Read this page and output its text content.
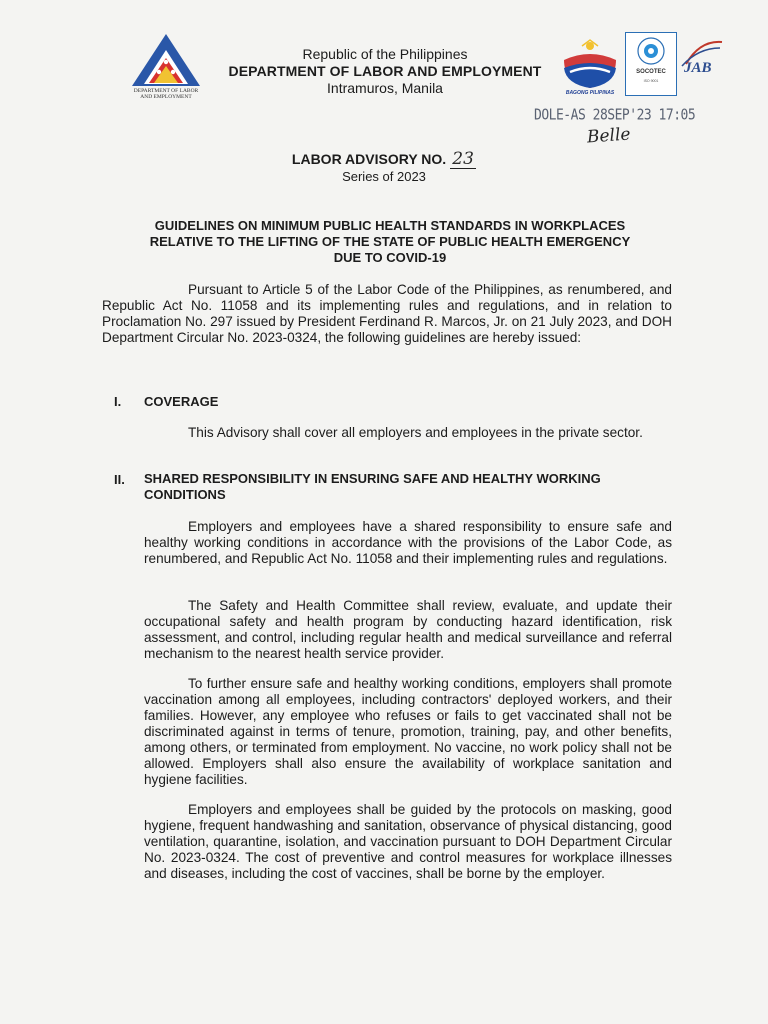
DEPARTMENT OF LABOR AND EMPLOYMENT
Republic of the Philippines
DEPARTMENT OF LABOR AND EMPLOYMENT
Intramuros, Manila	BAGONG PILIPINAS
SOCOTEC
ISO 9001
JAB
DOLE-AS 28SEP'23 17:05
Belle
LABOR ADVISORY NO. 23
Series of 2023
GUIDELINES ON MINIMUM PUBLIC HEALTH STANDARDS IN WORKPLACES
RELATIVE TO THE LIFTING OF THE STATE OF PUBLIC HEALTH EMERGENCY
DUE TO COVID-19
Pursuant to Article 5 of the Labor Code of the Philippines, as renumbered, and Republic Act No. 11058 and its implementing rules and regulations, and in relation to Proclamation No. 297 issued by President Ferdinand R. Marcos, Jr. on 21 July 2023, and DOH Department Circular No. 2023-0324, the following guidelines are hereby issued:
I. COVERAGE
This Advisory shall cover all employers and employees in the private sector.
II. SHARED RESPONSIBILITY IN ENSURING SAFE AND HEALTHY WORKING CONDITIONS
Employers and employees have a shared responsibility to ensure safe and healthy working conditions in accordance with the provisions of the Labor Code, as renumbered, and Republic Act No. 11058 and their implementing rules and regulations.
The Safety and Health Committee shall review, evaluate, and update their occupational safety and health program by conducting hazard identification, risk assessment, and control, including regular health and medical surveillance and referral mechanism to the nearest health service provider.
To further ensure safe and healthy working conditions, employers shall promote vaccination among all employees, including contractors' deployed workers, and their families. However, any employee who refuses or fails to get vaccinated shall not be discriminated against in terms of tenure, promotion, training, pay, and other benefits, among others, or terminated from employment. No vaccine, no work policy shall not be allowed. Employers shall also ensure the availability of workplace sanitation and hygiene facilities.
Employers and employees shall be guided by the protocols on masking, good hygiene, frequent handwashing and sanitation, observance of physical distancing, good ventilation, quarantine, isolation, and vaccination pursuant to DOH Department Circular No. 2023-0324. The cost of preventive and control measures for workplace illnesses and diseases, including the cost of vaccines, shall be borne by the employer.
